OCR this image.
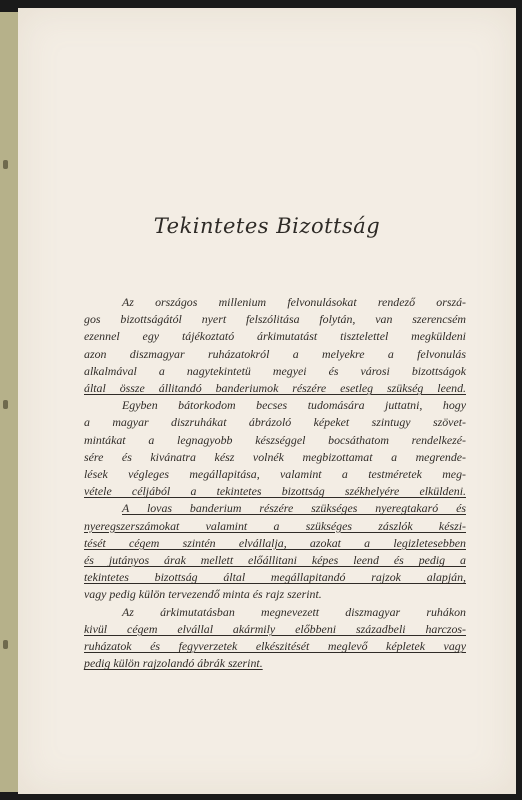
Tekintetes Bizottság
Az országos millenium felvonulásokat rendező orszá-
gos bizottságától nyert felszólitása folytán, van szerencsém
ezennel egy tájékoztató árkimutatást tisztelettel megküldeni
azon diszmagyar ruházatokról a melyekre a felvonulás
alkalmával a nagytekintetü megyei és városi bizottságok
által össze állitandó banderiumok részére esetleg szükség leend.
Egyben bátorkodom becses tudomására juttatni, hogy
a magyar diszruhákat ábrázoló képeket szintugy szövet-
mintákat a legnagyobb készséggel bocsáthatom rendelkezé-
sére és kivánatra kész volnék megbizottamat a megrende-
lések végleges megállapitása, valamint a testméretek meg-
vétele céljából a tekintetes bizottság székhelyére elküldeni.
A lovas banderium részére szükséges nyeregtakaró és
nyeregszerszámokat valamint a szükséges zászlók készi-
tését cégem szintén elvállalja, azokat a legizletesebben
és jutányos árak mellett előállitani képes leend és pedig a
tekintetes bizottság által megállapitandó rajzok alapján,
vagy pedig külön tervezendő minta és rajz szerint.
Az árkimutatásban megnevezett diszmagyar ruhákon
kivül cégem elvállal akármily előbbeni századbeli harczos-
ruházatok és fegyverzetek elkészitését meglevő képletek vagy
pedig külön rajzolandó ábrák szerint.
